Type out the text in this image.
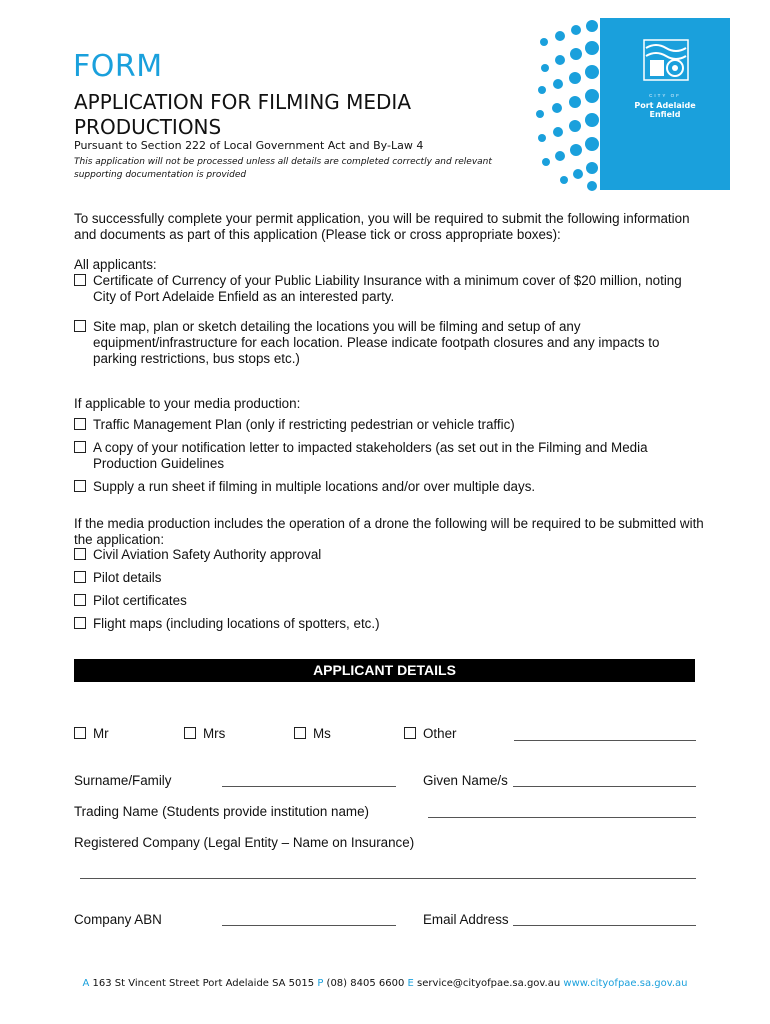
FORM
APPLICATION FOR FILMING MEDIA PRODUCTIONS
Pursuant to Section 222 of Local Government Act and By-Law 4
This application will not be processed unless all details are completed correctly and relevant supporting documentation is provided
CITY OF
Port Adelaide Enfield
To successfully complete your permit application, you will be required to submit the following information and documents as part of this application (Please tick or cross appropriate boxes):
All applicants:
Certificate of Currency of your Public Liability Insurance with a minimum cover of $20 million, noting City of Port Adelaide Enfield as an interested party.
Site map, plan or sketch detailing the locations you will be filming and setup of any equipment/infrastructure for each location. Please indicate footpath closures and any impacts to parking restrictions, bus stops etc.)
If applicable to your media production:
Traffic Management Plan (only if restricting pedestrian or vehicle traffic)
A copy of your notification letter to impacted stakeholders (as set out in the Filming and Media Production Guidelines
Supply a run sheet if filming in multiple locations and/or over multiple days.
If the media production includes the operation of a drone the following will be required to be submitted with the application:
Civil Aviation Safety Authority approval
Pilot details
Pilot certificates
Flight maps (including locations of spotters, etc.)
APPLICANT DETAILS
Mr	Mrs	Ms	Other
Surname/Family	Given Name/s
Trading Name (Students provide institution name)
Registered Company (Legal Entity – Name on Insurance)
Company ABN	Email Address
A 163 St Vincent Street Port Adelaide SA 5015 P (08) 8405 6600 E service@cityofpae.sa.gov.au www.cityofpae.sa.gov.au
